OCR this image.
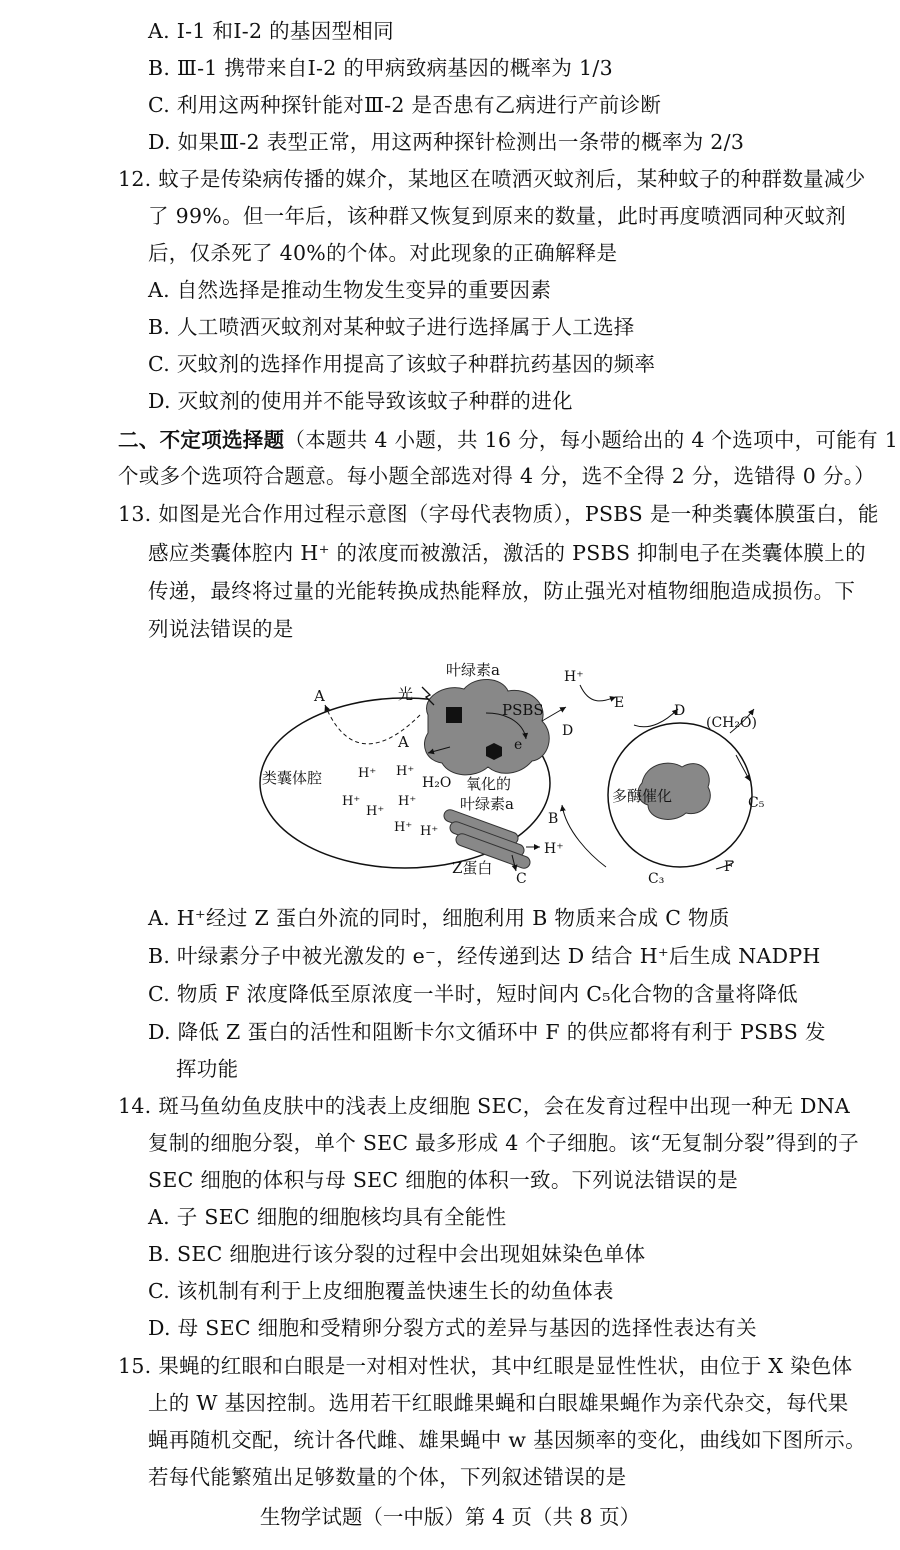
A. Ⅰ-1 和Ⅰ-2 的基因型相同
B. Ⅲ-1 携带来自Ⅰ-2 的甲病致病基因的概率为 1/3
C. 利用这两种探针能对Ⅲ-2 是否患有乙病进行产前诊断
D. 如果Ⅲ-2 表型正常，用这两种探针检测出一条带的概率为 2/3
12. 蚊子是传染病传播的媒介，某地区在喷洒灭蚊剂后，某种蚊子的种群数量减少
了 99%。但一年后，该种群又恢复到原来的数量，此时再度喷洒同种灭蚊剂
后，仅杀死了 40%的个体。对此现象的正确解释是
A. 自然选择是推动生物发生变异的重要因素
B. 人工喷洒灭蚊剂对某种蚊子进行选择属于人工选择
C. 灭蚊剂的选择作用提高了该蚊子种群抗药基因的频率
D. 灭蚊剂的使用并不能导致该蚊子种群的进化
二、不定项选择题（本题共 4 小题，共 16 分，每小题给出的 4 个选项中，可能有 1
个或多个选项符合题意。每小题全部选对得 4 分，选不全得 2 分，选错得 0 分。）
13. 如图是光合作用过程示意图（字母代表物质），PSBS 是一种类囊体膜蛋白，能
感应类囊体腔内 H⁺ 的浓度而被激活，激活的 PSBS 抑制电子在类囊体膜上的
传递，最终将过量的光能转换成热能释放，防止强光对植物细胞造成损伤。下
列说法错误的是
叶绿素a
光
PSBS
A
A
类囊体腔	H₂O 氧化的
叶绿素a
e
D
H⁺
E	D
(CH₂O)
C₅
C₃
F
多酶催化
B
H⁺
Z蛋白
C
H⁺ H⁺
H⁺
H⁺
H⁺
H⁺ H⁺
A. H⁺经过 Z 蛋白外流的同时，细胞利用 B 物质来合成 C 物质
B. 叶绿素分子中被光激发的 e⁻，经传递到达 D 结合 H⁺后生成 NADPH
C. 物质 F 浓度降低至原浓度一半时，短时间内 C₅化合物的含量将降低
D. 降低 Z 蛋白的活性和阻断卡尔文循环中 F 的供应都将有利于 PSBS 发
挥功能
14. 斑马鱼幼鱼皮肤中的浅表上皮细胞 SEC，会在发育过程中出现一种无 DNA
复制的细胞分裂，单个 SEC 最多形成 4 个子细胞。该“无复制分裂”得到的子
SEC 细胞的体积与母 SEC 细胞的体积一致。下列说法错误的是
A. 子 SEC 细胞的细胞核均具有全能性
B. SEC 细胞进行该分裂的过程中会出现姐妹染色单体
C. 该机制有利于上皮细胞覆盖快速生长的幼鱼体表
D. 母 SEC 细胞和受精卵分裂方式的差异与基因的选择性表达有关
15. 果蝇的红眼和白眼是一对相对性状，其中红眼是显性性状，由位于 X 染色体
上的 W 基因控制。选用若干红眼雌果蝇和白眼雄果蝇作为亲代杂交，每代果
蝇再随机交配，统计各代雌、雄果蝇中 w 基因频率的变化，曲线如下图所示。
若每代能繁殖出足够数量的个体，下列叙述错误的是
生物学试题（一中版）第 4 页（共 8 页）
